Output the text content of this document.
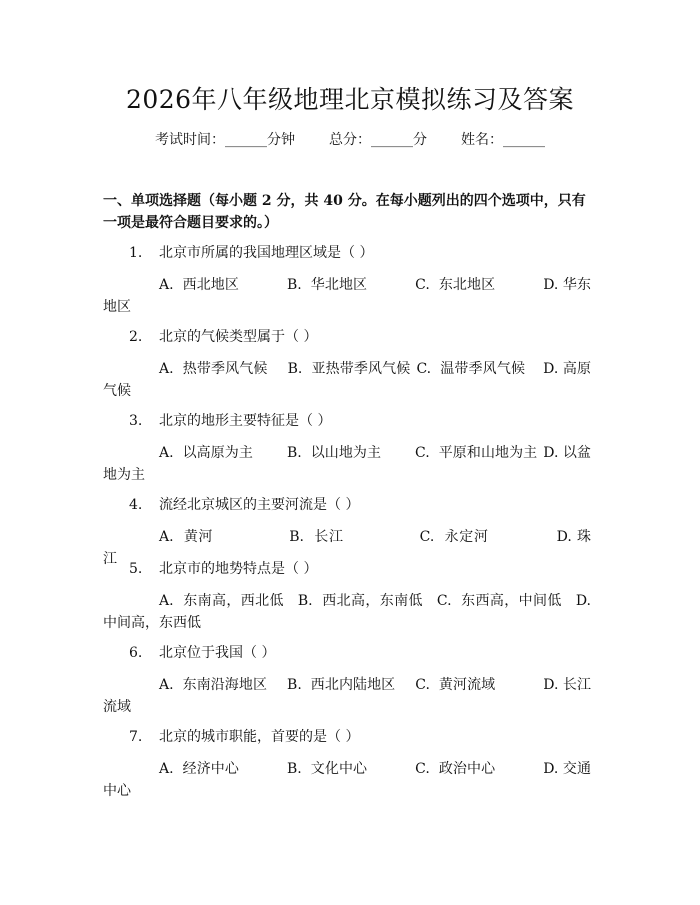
2026年八年级地理北京模拟练习及答案
考试时间：______分钟 总分：______分 姓名：______
一、单项选择题（每小题 2 分，共 40 分。在每小题列出的四个选项中，只有一项是最符合题目要求的。）
1. 北京市所属的我国地理区域是（ ）
A.  西北地区	B.  华北地区	C.  东北地区	D. 华东地区
2. 北京的气候类型属于（ ）
A.  热带季风气候 B.  亚热带季风气候 C.  温带季风气候 D. 高原气候
3. 北京的地形主要特征是（ ）
A.  以高原为主 B.  以山地为主 C.  平原和山地为主 D. 以盆地为主
4. 流经北京城区的主要河流是（ ）
A.  黄河	B.  长江	C.  永定河	D. 珠江
5. 北京市的地势特点是（ ）
A.  东南高，西北低 B.  西北高，东南低 C.  东西高，中间低 D. 中间高，东西低
6. 北京位于我国（ ）
A.  东南沿海地区 B.  西北内陆地区 C.  黄河流域	D. 长江流域
7. 北京的城市职能，首要的是（ ）
A.  经济中心	B.  文化中心	C.  政治中心	D. 交通中心
